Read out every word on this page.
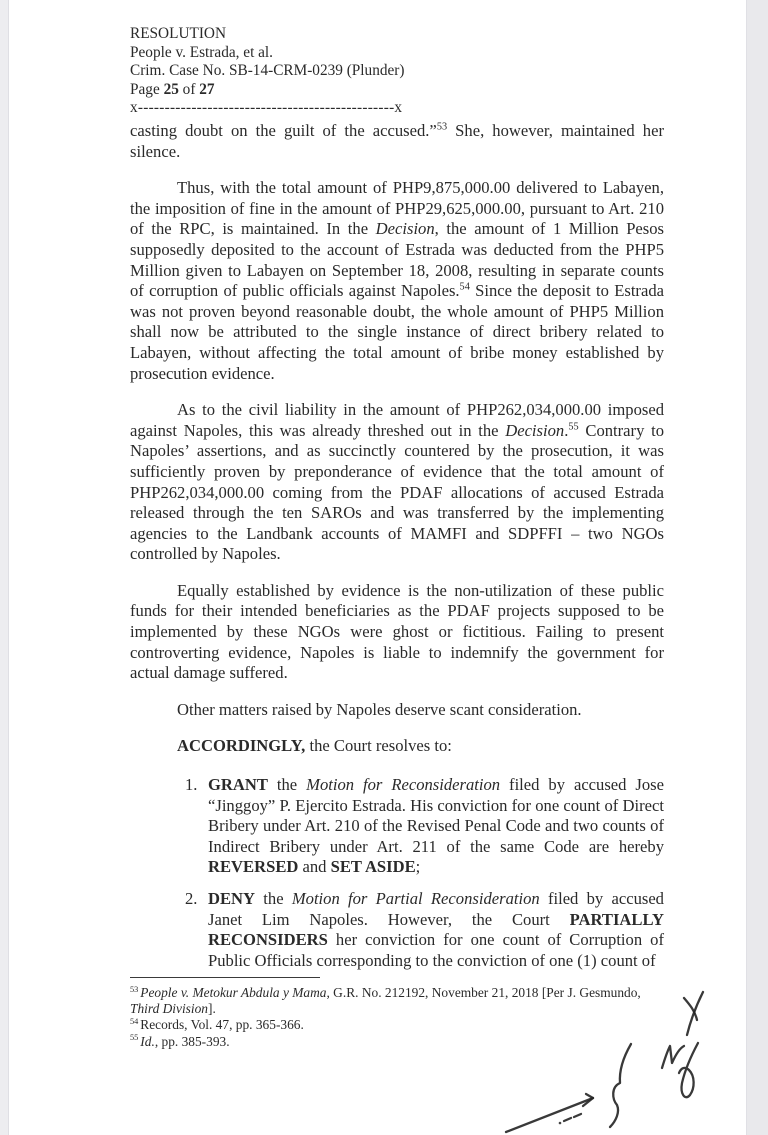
RESOLUTION
People v. Estrada, et al.
Crim. Case No. SB-14-CRM-0239 (Plunder)
Page 25 of 27
x------------------------------------------------x

casting doubt on the guilt of the accused.”$^{53}$ She, however, maintained her silence.

Thus, with the total amount of PHP9,875,000.00 delivered to Labayen, the imposition of fine in the amount of PHP29,625,000.00, pursuant to Art. 210 of the RPC, is maintained. In the Decision, the amount of 1 Million Pesos supposedly deposited to the account of Estrada was deducted from the PHP5 Million given to Labayen on September 18, 2008, resulting in separate counts of corruption of public officials against Napoles.$^{54}$ Since the deposit to Estrada was not proven beyond reasonable doubt, the whole amount of PHP5 Million shall now be attributed to the single instance of direct bribery related to Labayen, without affecting the total amount of bribe money established by prosecution evidence.

As to the civil liability in the amount of PHP262,034,000.00 imposed against Napoles, this was already threshed out in the Decision.$^{55}$ Contrary to Napoles’ assertions, and as succinctly countered by the prosecution, it was sufficiently proven by preponderance of evidence that the total amount of PHP262,034,000.00 coming from the PDAF allocations of accused Estrada released through the ten SAROs and was transferred by the implementing agencies to the Landbank accounts of MAMFI and SDPFFI – two NGOs controlled by Napoles.

Equally established by evidence is the non-utilization of these public funds for their intended beneficiaries as the PDAF projects supposed to be implemented by these NGOs were ghost or fictitious. Failing to present controverting evidence, Napoles is liable to indemnify the government for actual damage suffered.

Other matters raised by Napoles deserve scant consideration.

ACCORDINGLY, the Court resolves to:

1. GRANT the Motion for Reconsideration filed by accused Jose “Jinggoy” P. Ejercito Estrada. His conviction for one count of Direct Bribery under Art. 210 of the Revised Penal Code and two counts of Indirect Bribery under Art. 211 of the same Code are hereby REVERSED and SET ASIDE;
2. DENY the Motion for Partial Reconsideration filed by accused Janet Lim Napoles. However, the Court PARTIALLY RECONSIDERS her conviction for one count of Corruption of Public Officials corresponding to the conviction of one (1) count of
$^{53}$ People v. Metokur Abdula y Mama, G.R. No. 212192, November 21, 2018 [Per J. Gesmundo, Third Division].
$^{54}$ Records, Vol. 47, pp. 365-366.
$^{55}$ Id., pp. 385-393.
